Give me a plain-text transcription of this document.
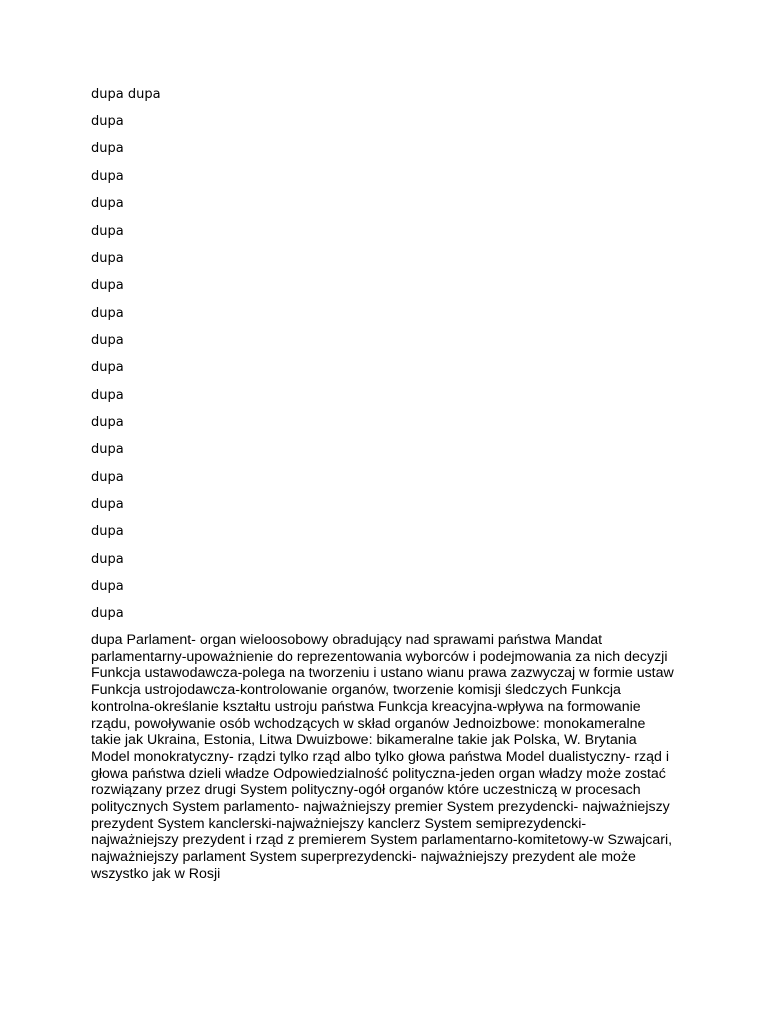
dupa dupa
dupa
dupa
dupa
dupa
dupa
dupa
dupa
dupa
dupa
dupa
dupa
dupa
dupa
dupa
dupa
dupa
dupa
dupa
dupa
dupa Parlament- organ wieloosobowy obradujący nad sprawami państwa Mandat
parlamentarny-upoważnienie do reprezentowania wyborców i podejmowania za nich decyzji
Funkcja ustawodawcza-polega na tworzeniu i ustano wianu prawa zazwyczaj w formie ustaw
Funkcja ustrojodawcza-kontrolowanie organów, tworzenie komisji śledczych Funkcja
kontrolna-określanie kształtu ustroju państwa Funkcja kreacyjna-wpływa na formowanie
rządu, powoływanie osób wchodzących w skład organów Jednoizbowe: monokameralne
takie jak Ukraina, Estonia, Litwa Dwuizbowe: bikameralne takie jak Polska, W. Brytania
Model monokratyczny- rządzi tylko rząd albo tylko głowa państwa Model dualistyczny- rząd i
głowa państwa dzieli władze Odpowiedzialność polityczna-jeden organ władzy może zostać
rozwiązany przez drugi System polityczny-ogół organów które uczestniczą w procesach
politycznych System parlamento- najważniejszy premier System prezydencki- najważniejszy
prezydent System kanclerski-najważniejszy kanclerz System semiprezydencki-
najważniejszy prezydent i rząd z premierem System parlamentarno-komitetowy-w Szwajcari,
najważniejszy parlament System superprezydencki- najważniejszy prezydent ale może
wszystko jak w Rosji
